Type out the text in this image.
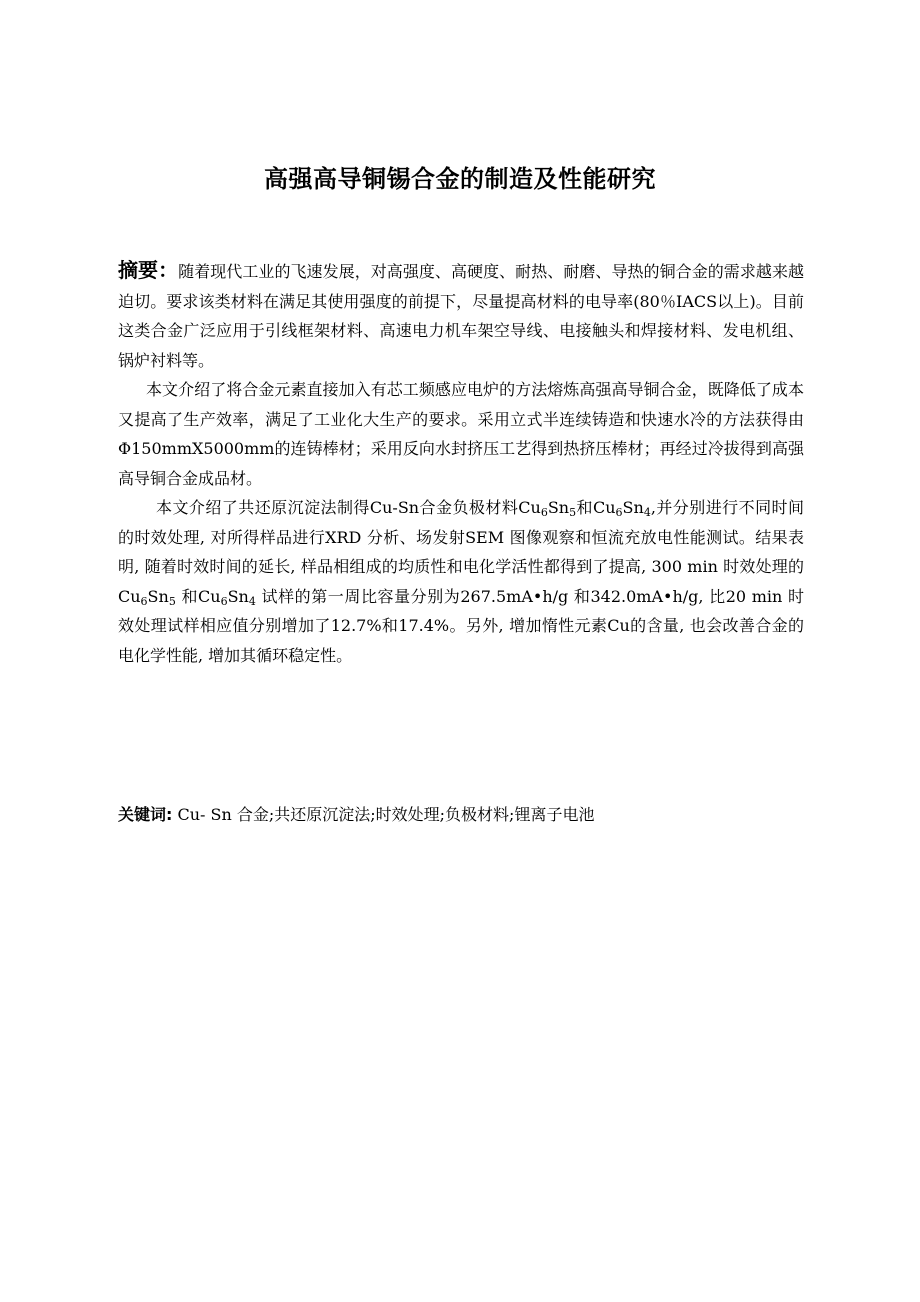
高强高导铜锡合金的制造及性能研究

摘要：随着现代工业的飞速发展，对高强度、高硬度、耐热、耐磨、导热的铜合金的需求越来越迫切。要求该类材料在满足其使用强度的前提下，尽量提高材料的电导率(80％IACS以上)。目前这类合金广泛应用于引线框架材料、高速电力机车架空导线、电接触头和焊接材料、发电机组、锅炉衬料等。

本文介绍了将合金元素直接加入有芯工频感应电炉的方法熔炼高强高导铜合金，既降低了成本又提高了生产效率，满足了工业化大生产的要求。采用立式半连续铸造和快速水冷的方法获得由Φ150mmX5000mm的连铸棒材；采用反向水封挤压工艺得到热挤压棒材；再经过冷拔得到高强高导铜合金成品材。

本文介绍了共还原沉淀法制得Cu-Sn合金负极材料$Cu_6Sn_5$和$Cu_6Sn_4$,并分别进行不同时间的时效处理, 对所得样品进行XRD 分析、场发射SEM 图像观察和恒流充放电性能测试。结果表明, 随着时效时间的延长, 样品相组成的均质性和电化学活性都得到了提高, 300 min 时效处理的$Cu_6Sn_5$ 和$Cu_6Sn_4$ 试样的第一周比容量分别为267.5mA•h/g 和342.0mA•h/g, 比20 min 时效处理试样相应值分别增加了12.7%和17.4%。另外, 增加惰性元素Cu的含量, 也会改善合金的电化学性能, 增加其循环稳定性。

关键词: Cu- Sn 合金;共还原沉淀法;时效处理;负极材料;锂离子电池
